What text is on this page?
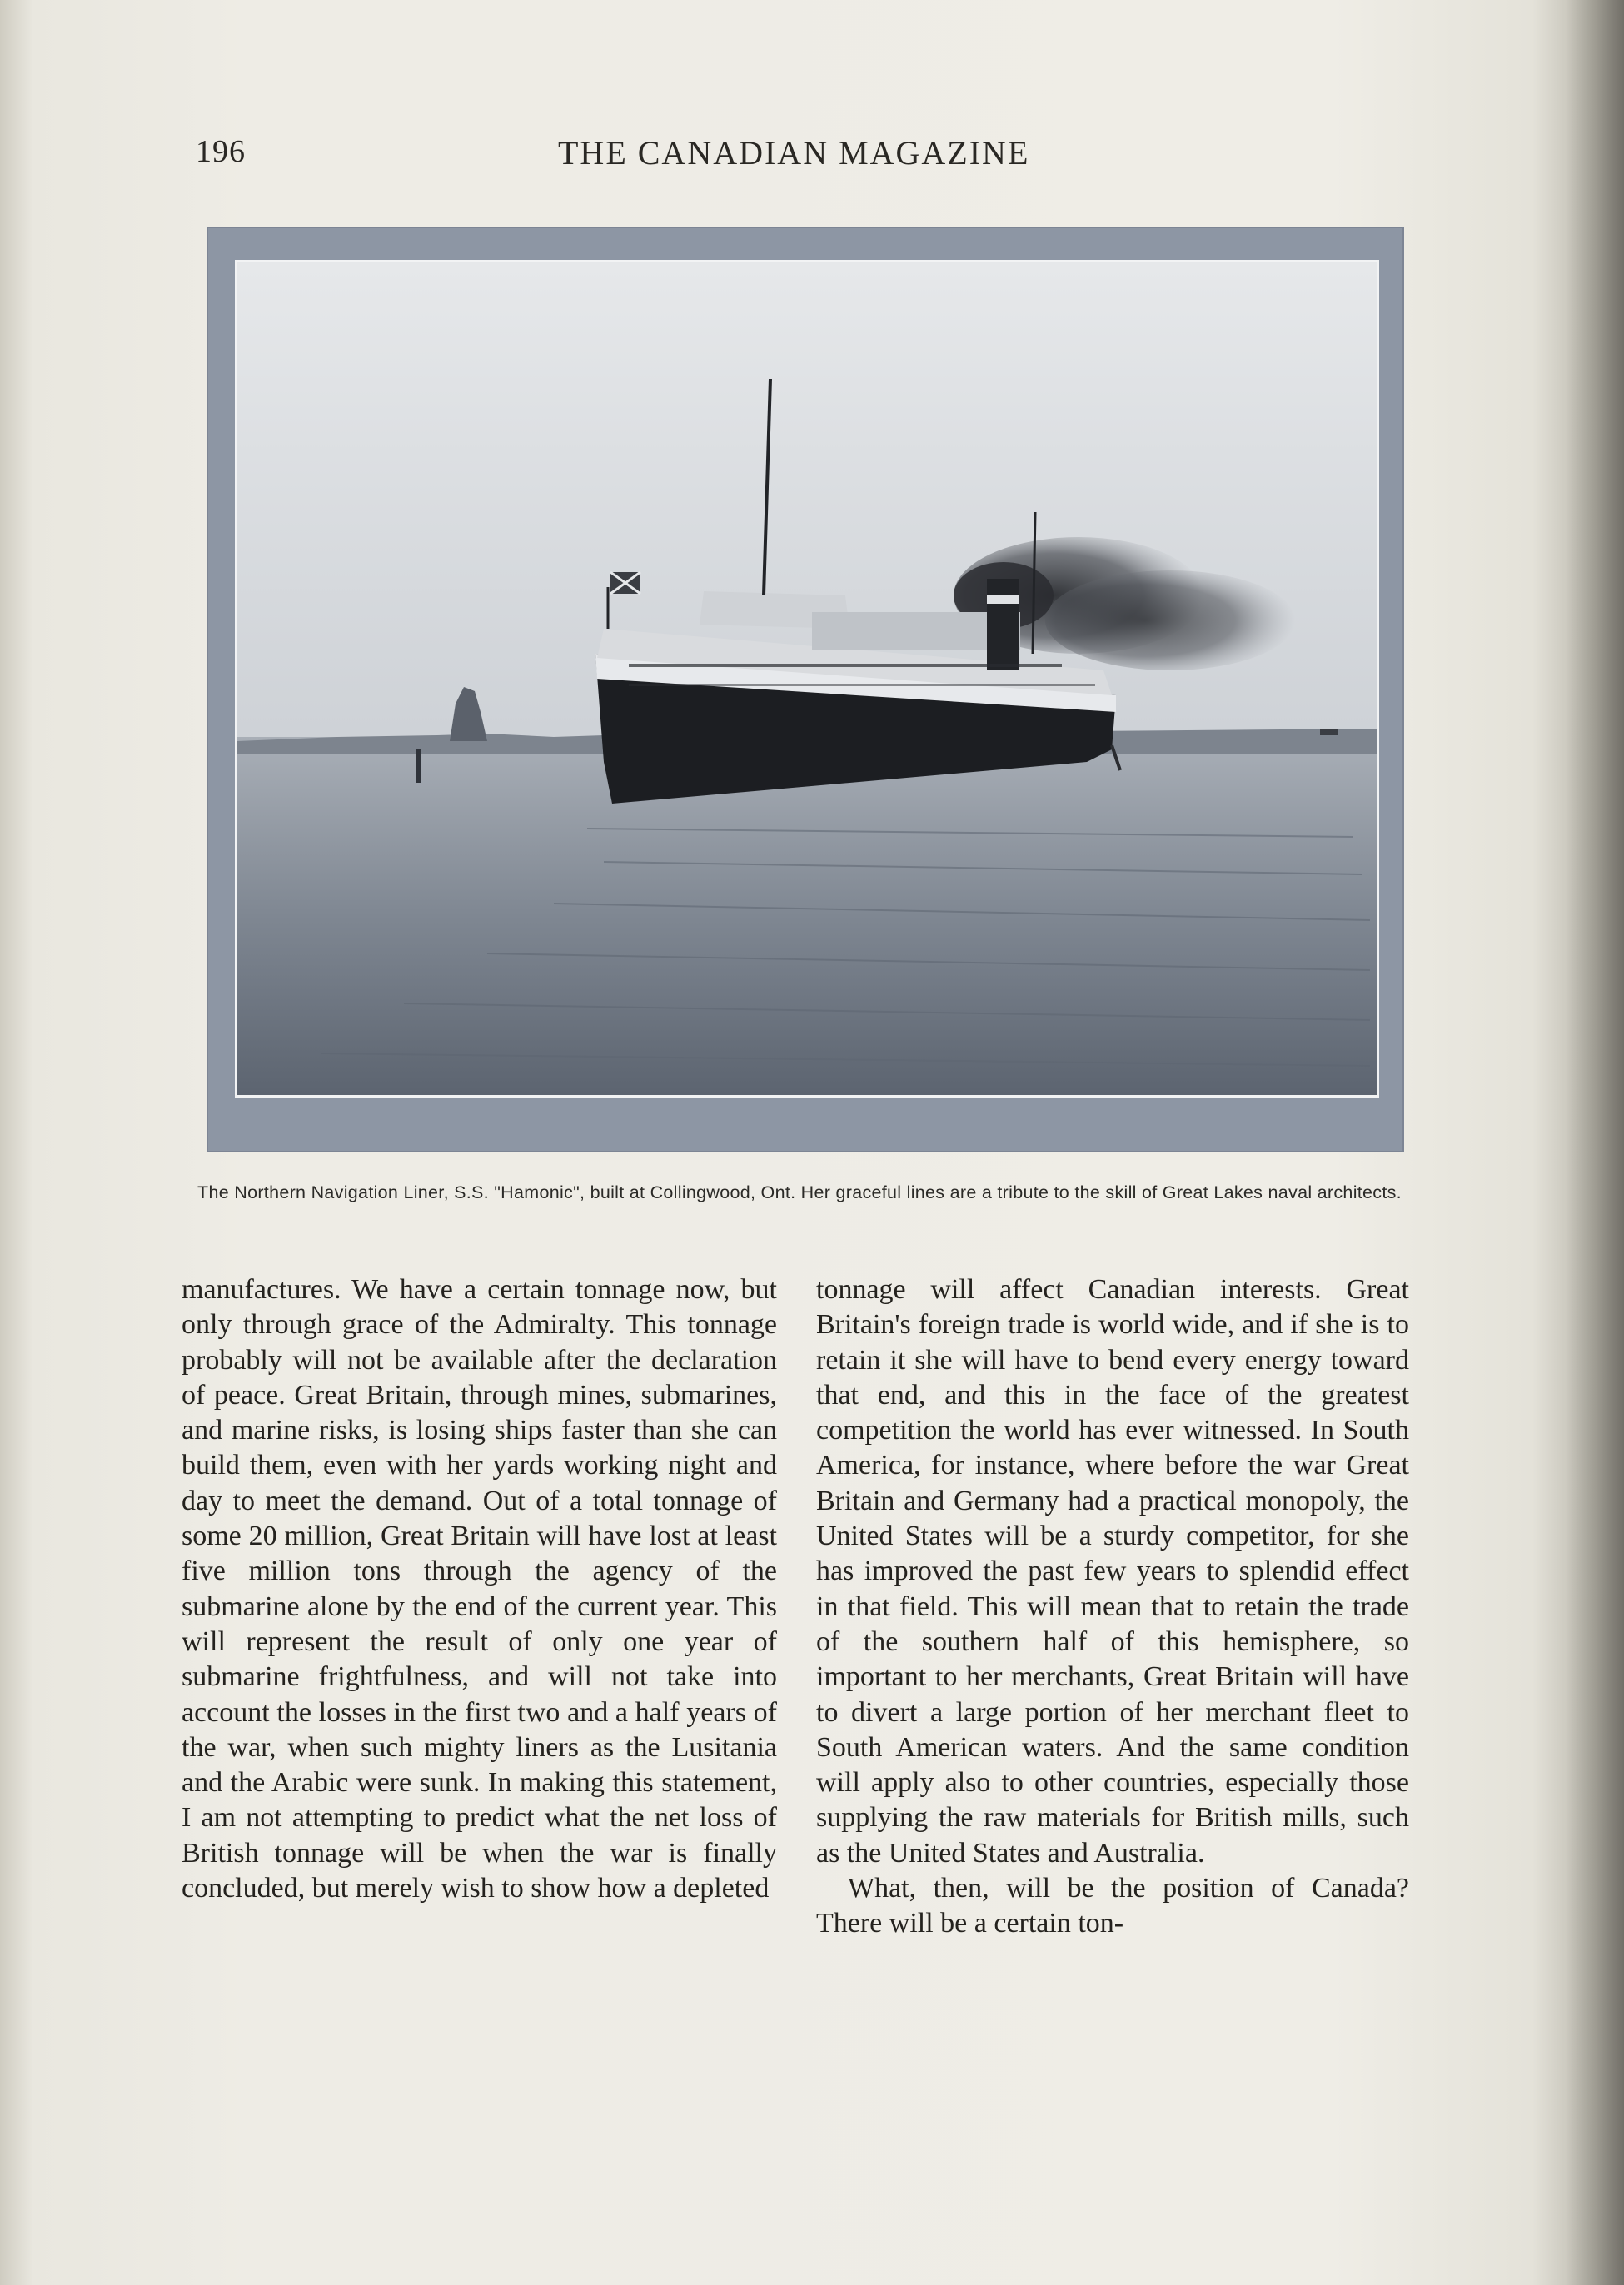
196	THE CANADIAN MAGAZINE
The Northern Navigation Liner, S.S. "Hamonic", built at Collingwood, Ont. Her graceful lines are a tribute to the skill of Great Lakes naval architects.

manufactures. We have a certain tonnage now, but only through grace of the Admiralty. This tonnage probably will not be available after the declaration of peace. Great Britain, through mines, submarines, and marine risks, is losing ships faster than she can build them, even with her yards working night and day to meet the demand. Out of a total tonnage of some 20 million, Great Britain will have lost at least five million tons through the agency of the submarine alone by the end of the current year. This will represent the result of only one year of submarine frightfulness, and will not take into account the losses in the first two and a half years of the war, when such mighty liners as the Lusitania and the Arabic were sunk. In making this statement, I am not attempting to predict what the net loss of British tonnage will be when the war is finally concluded, but merely wish to show how a depleted

tonnage will affect Canadian interests. Great Britain's foreign trade is world wide, and if she is to retain it she will have to bend every energy toward that end, and this in the face of the greatest competition the world has ever witnessed. In South America, for instance, where before the war Great Britain and Germany had a practical monopoly, the United States will be a sturdy competitor, for she has improved the past few years to splendid effect in that field. This will mean that to retain the trade of the southern half of this hemisphere, so important to her merchants, Great Britain will have to divert a large portion of her merchant fleet to South American waters. And the same condition will apply also to other countries, especially those supplying the raw materials for British mills, such as the United States and Australia.

What, then, will be the position of Canada? There will be a certain ton-
